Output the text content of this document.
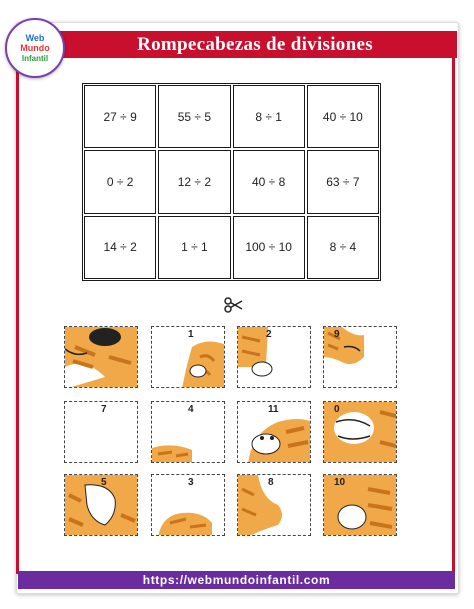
Rompecabezas de divisiones
Web
Mundo
Infantil
27 ÷ 9	55 ÷ 5	8 ÷ 1	40 ÷ 10
0 ÷ 2	12 ÷ 2	40 ÷ 8	63 ÷ 7
14 ÷ 2	1 ÷ 1	100 ÷ 10	8 ÷ 4
6	1	2	9
7	4	11	0
5	3	8	10
https://webmundoinfantil.com
